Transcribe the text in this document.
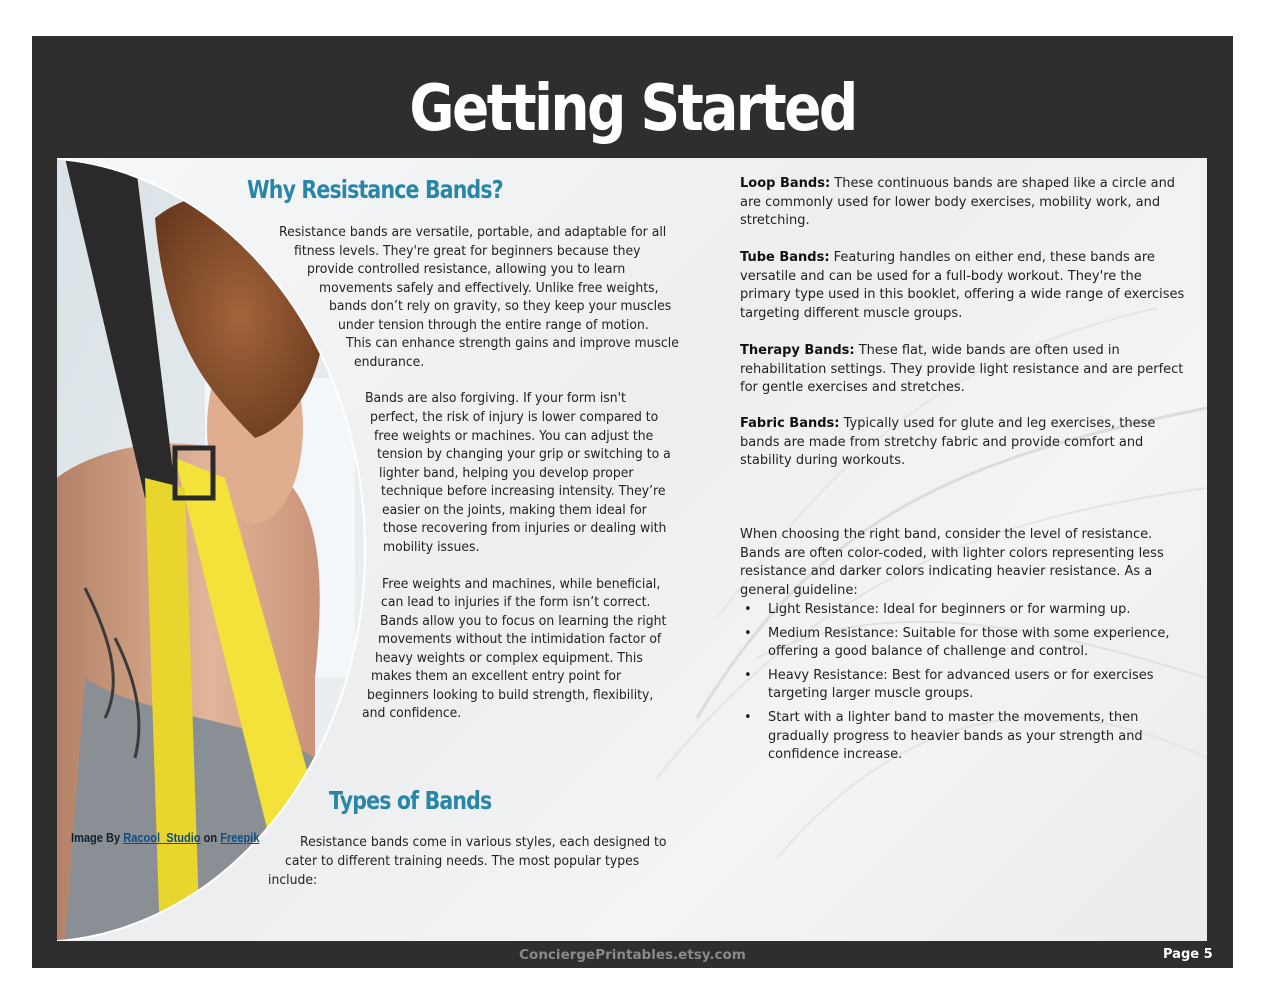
Getting Started
Image By Racool_Studio on Freepik
Why Resistance Bands?
Resistance bands are versatile, portable, and adaptable for all
fitness levels. They're great for beginners because they
provide controlled resistance, allowing you to learn
movements safely and effectively. Unlike free weights,
bands don’t rely on gravity, so they keep your muscles
under tension through the entire range of motion.
This can enhance strength gains and improve muscle
endurance.
Bands are also forgiving. If your form isn't
perfect, the risk of injury is lower compared to
free weights or machines. You can adjust the
tension by changing your grip or switching to a
lighter band, helping you develop proper
technique before increasing intensity. They’re
easier on the joints, making them ideal for
those recovering from injuries or dealing with
mobility issues.
Free weights and machines, while beneficial,
can lead to injuries if the form isn’t correct.
Bands allow you to focus on learning the right
movements without the intimidation factor of
heavy weights or complex equipment. This
makes them an excellent entry point for
beginners looking to build strength, flexibility,
and confidence.
Types of Bands
Resistance bands come in various styles, each designed to
cater to different training needs. The most popular types
include:
Loop Bands: These continuous bands are shaped like a circle and are commonly used for lower body exercises, mobility work, and stretching.
Tube Bands: Featuring handles on either end, these bands are versatile and can be used for a full-body workout. They're the primary type used in this booklet, offering a wide range of exercises targeting different muscle groups.
Therapy Bands: These flat, wide bands are often used in rehabilitation settings. They provide light resistance and are perfect for gentle exercises and stretches.
Fabric Bands: Typically used for glute and leg exercises, these bands are made from stretchy fabric and provide comfort and stability during workouts.
When choosing the right band, consider the level of resistance. Bands are often color-coded, with lighter colors representing less resistance and darker colors indicating heavier resistance. As a general guideline:
• Light Resistance: Ideal for beginners or for warming up.
• Medium Resistance: Suitable for those with some experience, offering a good balance of challenge and control.
• Heavy Resistance: Best for advanced users or for exercises targeting larger muscle groups.
• Start with a lighter band to master the movements, then gradually progress to heavier bands as your strength and confidence increase.
ConciergePrintables.etsy.com	Page 5
